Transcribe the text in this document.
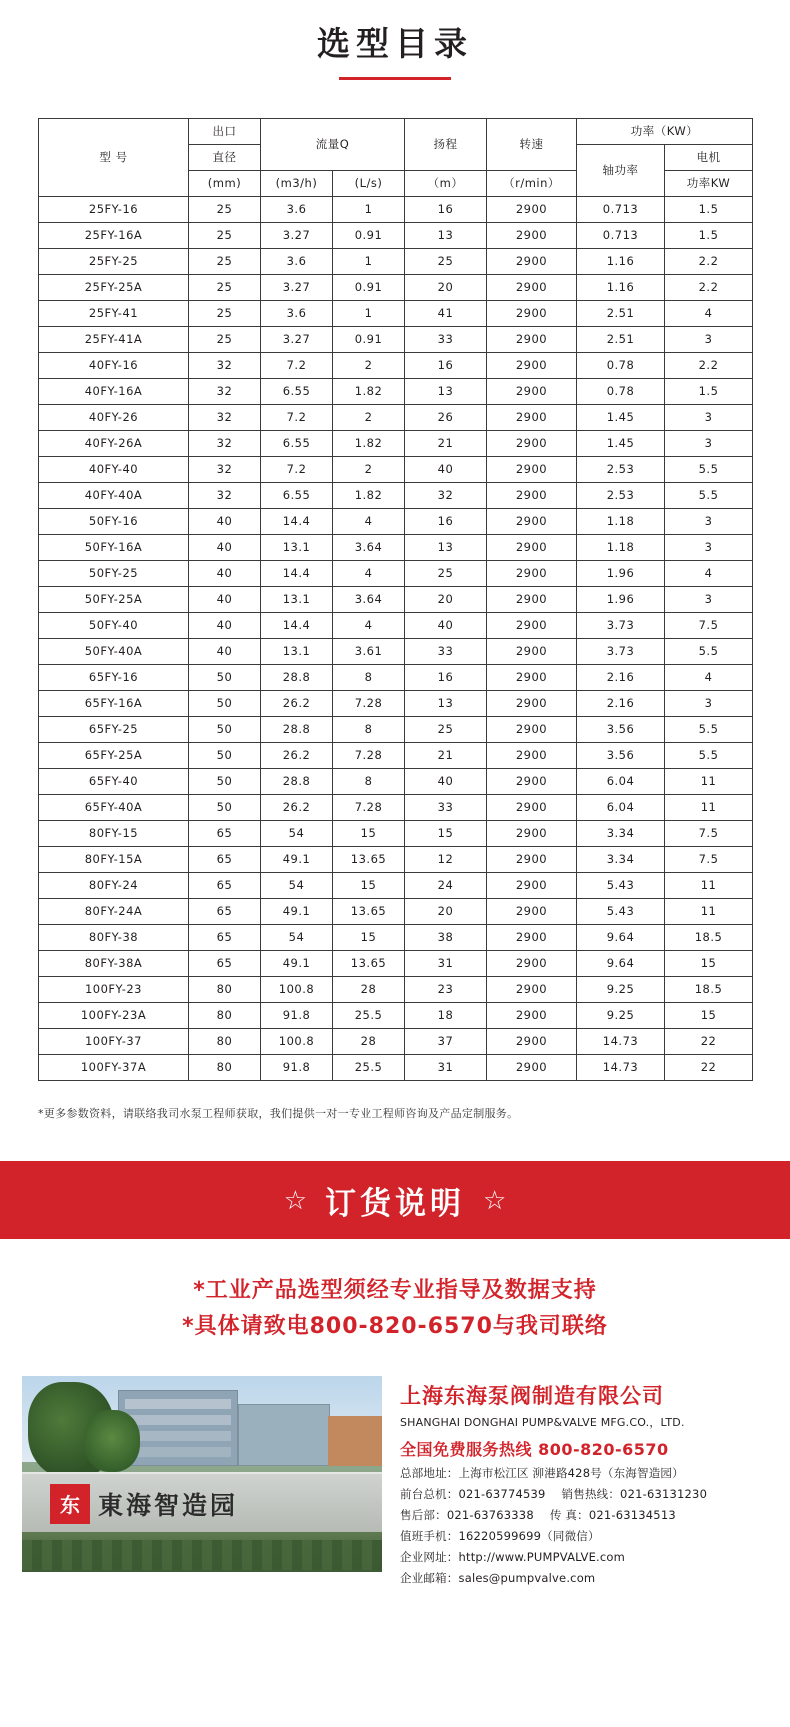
选型目录
型 号	出口	流量Q		扬程	转速	功率（KW）	
	直径					轴功率	电机
	(mm)	(m3/h)	(L/s)	（m）	（r/min）		功率KW
25FY-16	25	3.6	1	16	2900	0.713	1.5
25FY-16A	25	3.27	0.91	13	2900	0.713	1.5
25FY-25	25	3.6	1	25	2900	1.16	2.2
25FY-25A	25	3.27	0.91	20	2900	1.16	2.2
25FY-41	25	3.6	1	41	2900	2.51	4
25FY-41A	25	3.27	0.91	33	2900	2.51	3
40FY-16	32	7.2	2	16	2900	0.78	2.2
40FY-16A	32	6.55	1.82	13	2900	0.78	1.5
40FY-26	32	7.2	2	26	2900	1.45	3
40FY-26A	32	6.55	1.82	21	2900	1.45	3
40FY-40	32	7.2	2	40	2900	2.53	5.5
40FY-40A	32	6.55	1.82	32	2900	2.53	5.5
50FY-16	40	14.4	4	16	2900	1.18	3
50FY-16A	40	13.1	3.64	13	2900	1.18	3
50FY-25	40	14.4	4	25	2900	1.96	4
50FY-25A	40	13.1	3.64	20	2900	1.96	3
50FY-40	40	14.4	4	40	2900	3.73	7.5
50FY-40A	40	13.1	3.61	33	2900	3.73	5.5
65FY-16	50	28.8	8	16	2900	2.16	4
65FY-16A	50	26.2	7.28	13	2900	2.16	3
65FY-25	50	28.8	8	25	2900	3.56	5.5
65FY-25A	50	26.2	7.28	21	2900	3.56	5.5
65FY-40	50	28.8	8	40	2900	6.04	11
65FY-40A	50	26.2	7.28	33	2900	6.04	11
80FY-15	65	54	15	15	2900	3.34	7.5
80FY-15A	65	49.1	13.65	12	2900	3.34	7.5
80FY-24	65	54	15	24	2900	5.43	11
80FY-24A	65	49.1	13.65	20	2900	5.43	11
80FY-38	65	54	15	38	2900	9.64	18.5
80FY-38A	65	49.1	13.65	31	2900	9.64	15
100FY-23	80	100.8	28	23	2900	9.25	18.5
100FY-23A	80	91.8	25.5	18	2900	9.25	15
100FY-37	80	100.8	28	37	2900	14.73	22
100FY-37A	80	91.8	25.5	31	2900	14.73	22
*更多参数资料，请联络我司水泵工程师获取，我们提供一对一专业工程师咨询及产品定制服务。
☆ 订货说明 ☆
*工业产品选型须经专业指导及数据支持
*具体请致电800-820-6570与我司联络
东 東海智造园
上海东海泵阀制造有限公司
SHANGHAI DONGHAI PUMP&VALVE MFG.CO.，LTD.
全国免费服务热线 800-820-6570
总部地址：上海市松江区 泖港路428号（东海智造园）
前台总机：021-63774539 销售热线：021-63131230
售后部：021-63763338 传 真：021-63134513
值班手机：16220599699（同微信）
企业网址：http://www.PUMPVALVE.com
企业邮箱：sales@pumpvalve.com
